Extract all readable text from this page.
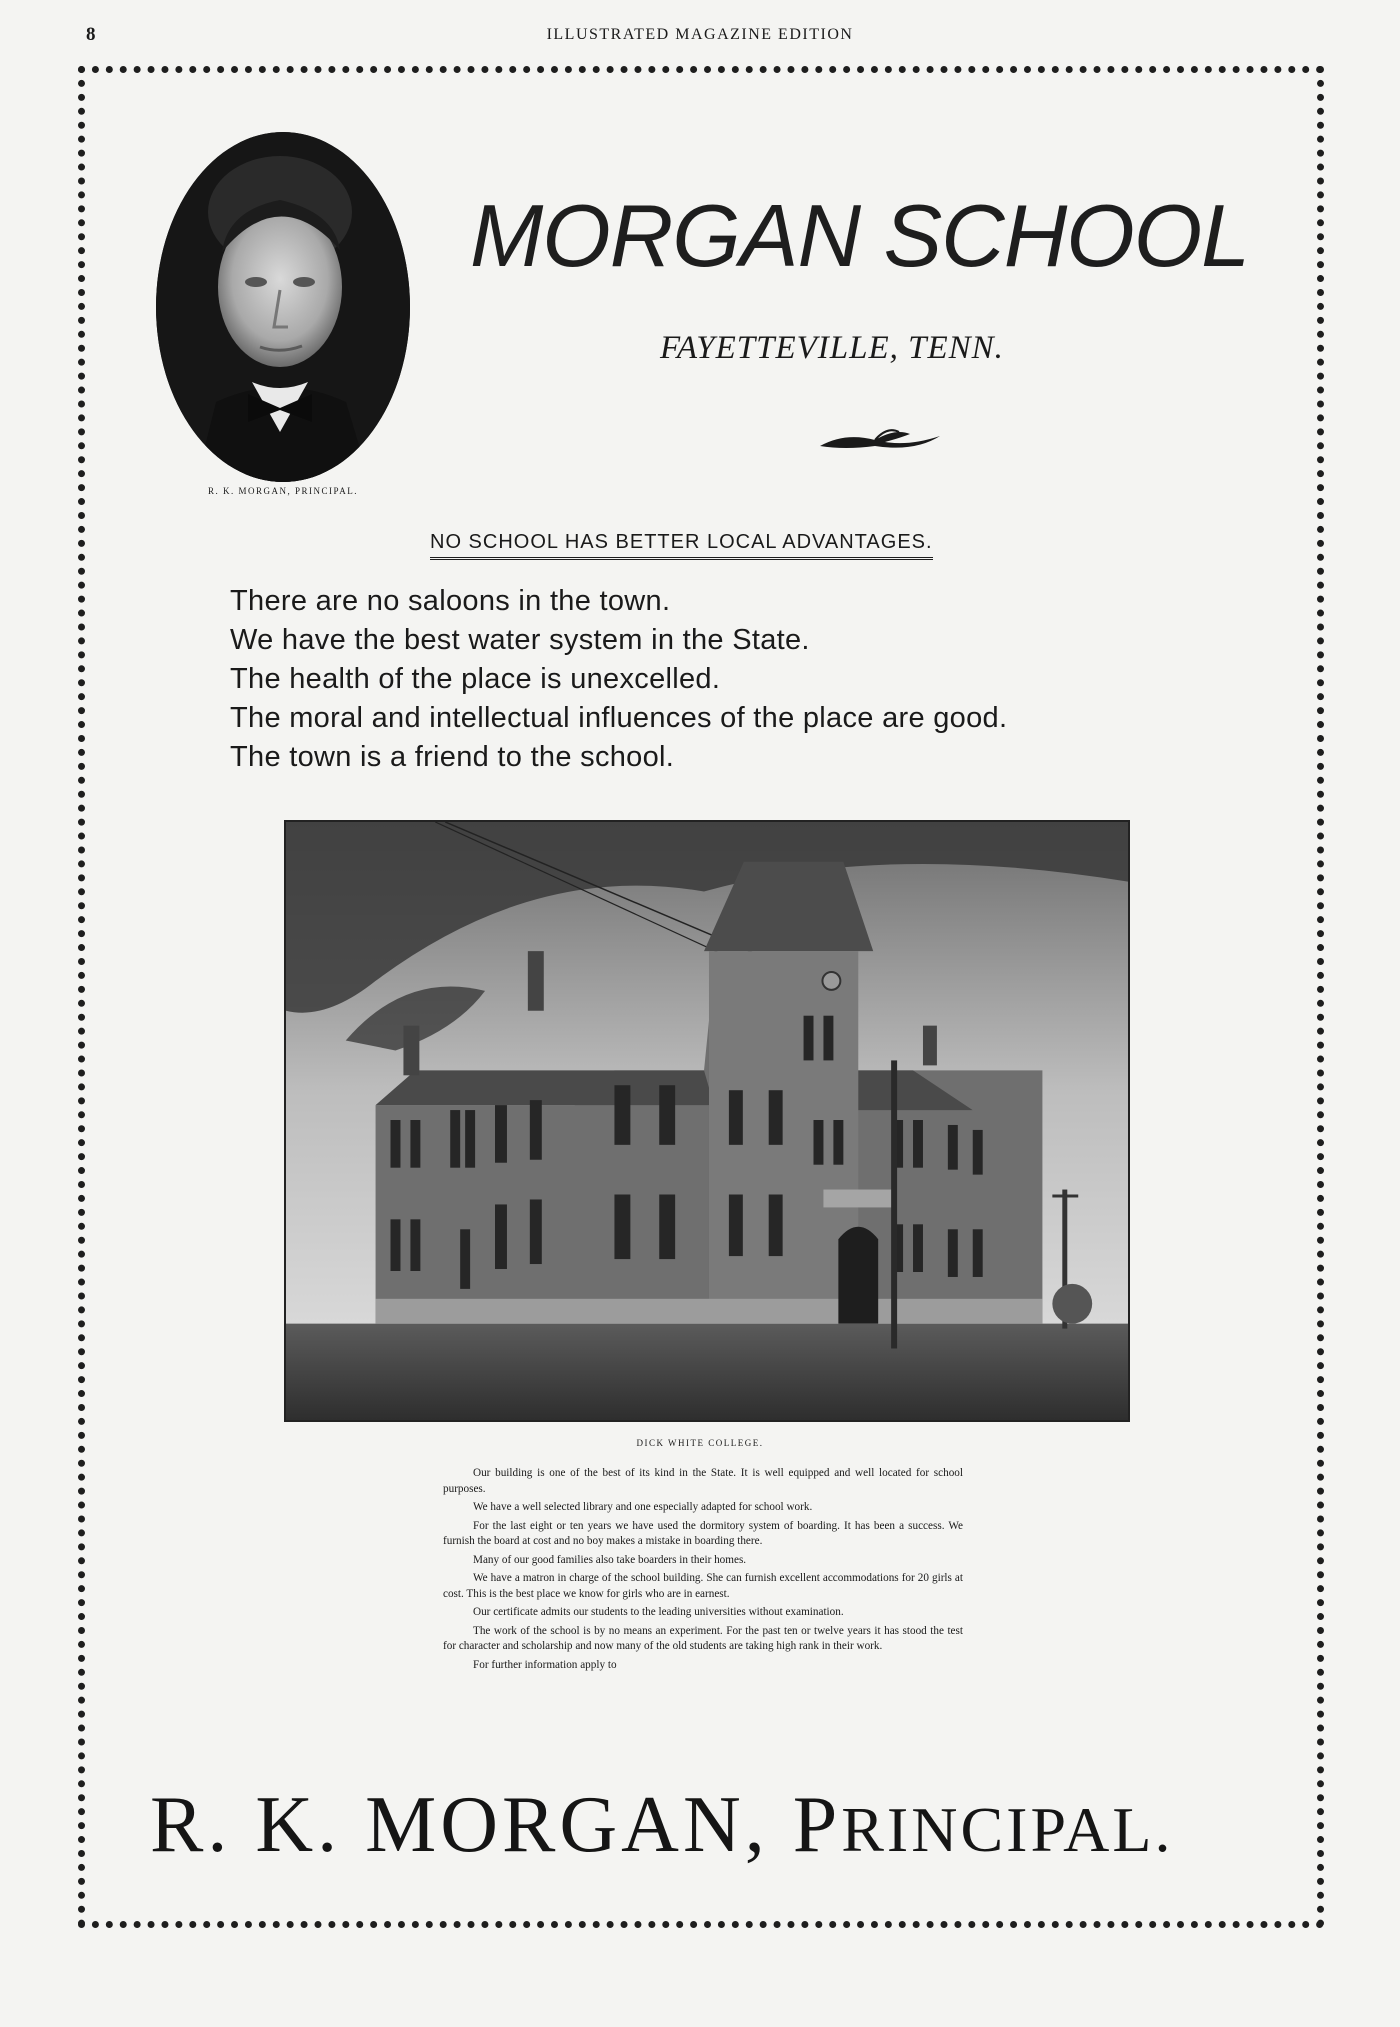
8	ILLUSTRATED MAGAZINE EDITION
R. K. MORGAN, PRINCIPAL.
MORGAN SCHOOL
FAYETTEVILLE, TENN.
NO SCHOOL HAS BETTER LOCAL ADVANTAGES.
There are no saloons in the town.
We have the best water system in the State.
The health of the place is unexcelled.
The moral and intellectual influences of the place are good.
The town is a friend to the school.
DICK WHITE COLLEGE.

Our building is one of the best of its kind in the State. It is well equipped and well located for school purposes.

We have a well selected library and one especially adapted for school work.

For the last eight or ten years we have used the dormitory system of boarding. It has been a success. We furnish the board at cost and no boy makes a mistake in boarding there.

Many of our good families also take boarders in their homes.

We have a matron in charge of the school building. She can furnish excellent accommodations for 20 girls at cost. This is the best place we know for girls who are in earnest.

Our certificate admits our students to the leading universities without examination.

The work of the school is by no means an experiment. For the past ten or twelve years it has stood the test for character and scholarship and now many of the old students are taking high rank in their work.

For further information apply to

R. K. MORGAN, PRINCIPAL.
